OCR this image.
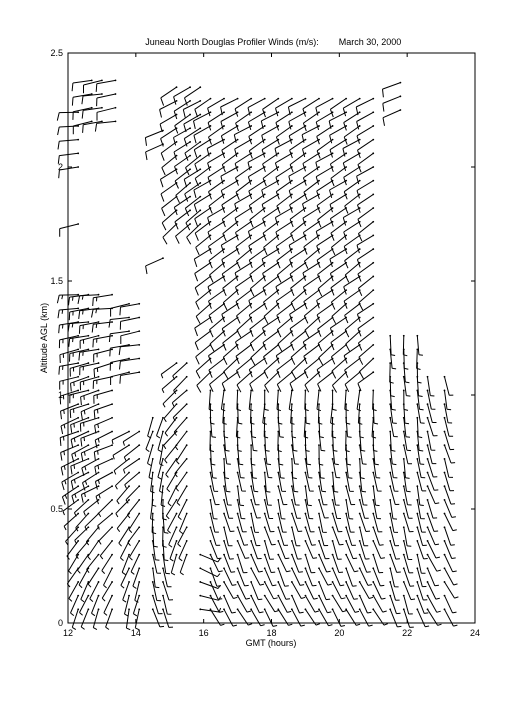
Juneau North Douglas Profiler Winds (m/s): March 30, 2000
12	14	16	18	20	22	24
0
0.5
1
1.5
2
2.5
GMT (hours)
Altitude AGL (km)
